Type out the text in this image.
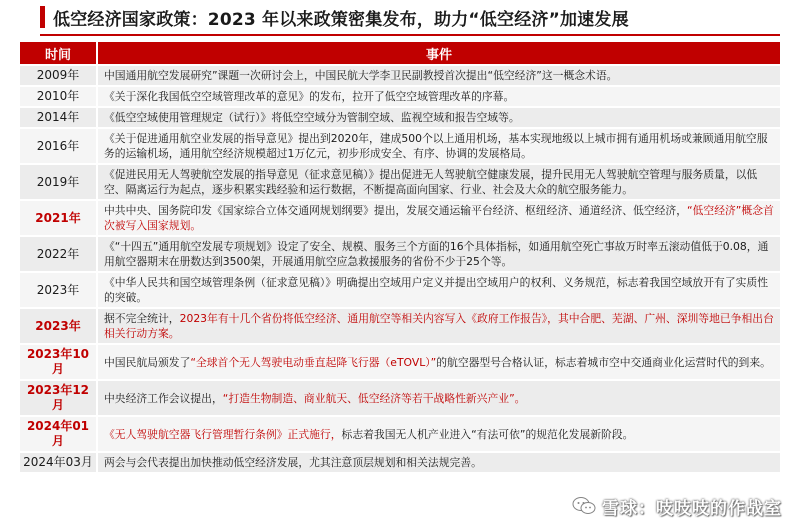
低空经济国家政策：2023 年以来政策密集发布，助力“低空经济”加速发展
时间	事件
2009年	中国通用航空发展研究”课题一次研讨会上，中国民航大学李卫民副教授首次提出“低空经济”这一概念术语。
2010年	《关于深化我国低空空域管理改革的意见》的发布，拉开了低空空域管理改革的序幕。
2014年	《低空空域使用管理规定（试行）》将低空空域分为管制空域、监视空域和报告空域等。
2016年	《关于促进通用航空业发展的指导意见》提出到2020年，建成500个以上通用机场，基本实现地级以上城市拥有通用机场或兼顾通用航空服务的运输机场，通用航空经济规模超过1万亿元，初步形成安全、有序、协调的发展格局。
2019年	《促进民用无人驾驶航空发展的指导意见（征求意见稿）》提出促进无人驾驶航空健康发展，提升民用无人驾驶航空管理与服务质量，以低空、隔离运行为起点，逐步积累实践经验和运行数据，不断提高面向国家、行业、社会及大众的航空服务能力。
2021年	中共中央、国务院印发《国家综合立体交通网规划纲要》提出，发展交通运输平台经济、枢纽经济、通道经济、低空经济，“低空经济”概念首次被写入国家规划。
2022年	《“十四五”通用航空发展专项规划》设定了安全、规模、服务三个方面的16个具体指标，如通用航空死亡事故万时率五滚动值低于0.08，通用航空器期末在册数达到3500架，开展通用航空应急救援服务的省份不少于25个等。
2023年	《中华人民共和国空域管理条例（征求意见稿）》明确提出空域用户定义并提出空域用户的权利、义务规范，标志着我国空域放开有了实质性的突破。
2023年	据不完全统计，2023年有十几个省份将低空经济、通用航空等相关内容写入《政府工作报告》，其中合肥、芜湖、广州、深圳等地已争相出台相关行动方案。
2023年10月	中国民航局颁发了“全球首个无人驾驶电动垂直起降飞行器（eTOVL）”的航空器型号合格认证，标志着城市空中交通商业化运营时代的到来。
2023年12月	中央经济工作会议提出，“打造生物制造、商业航天、低空经济等若干战略性新兴产业”。
2024年01月	《无人驾驶航空器飞行管理暂行条例》正式施行，标志着我国无人机产业进入“有法可依”的规范化发展新阶段。
2024年03月	两会与会代表提出加快推动低空经济发展，尤其注意顶层规划和相关法规完善。
雪球：吱吱吱的作战室
